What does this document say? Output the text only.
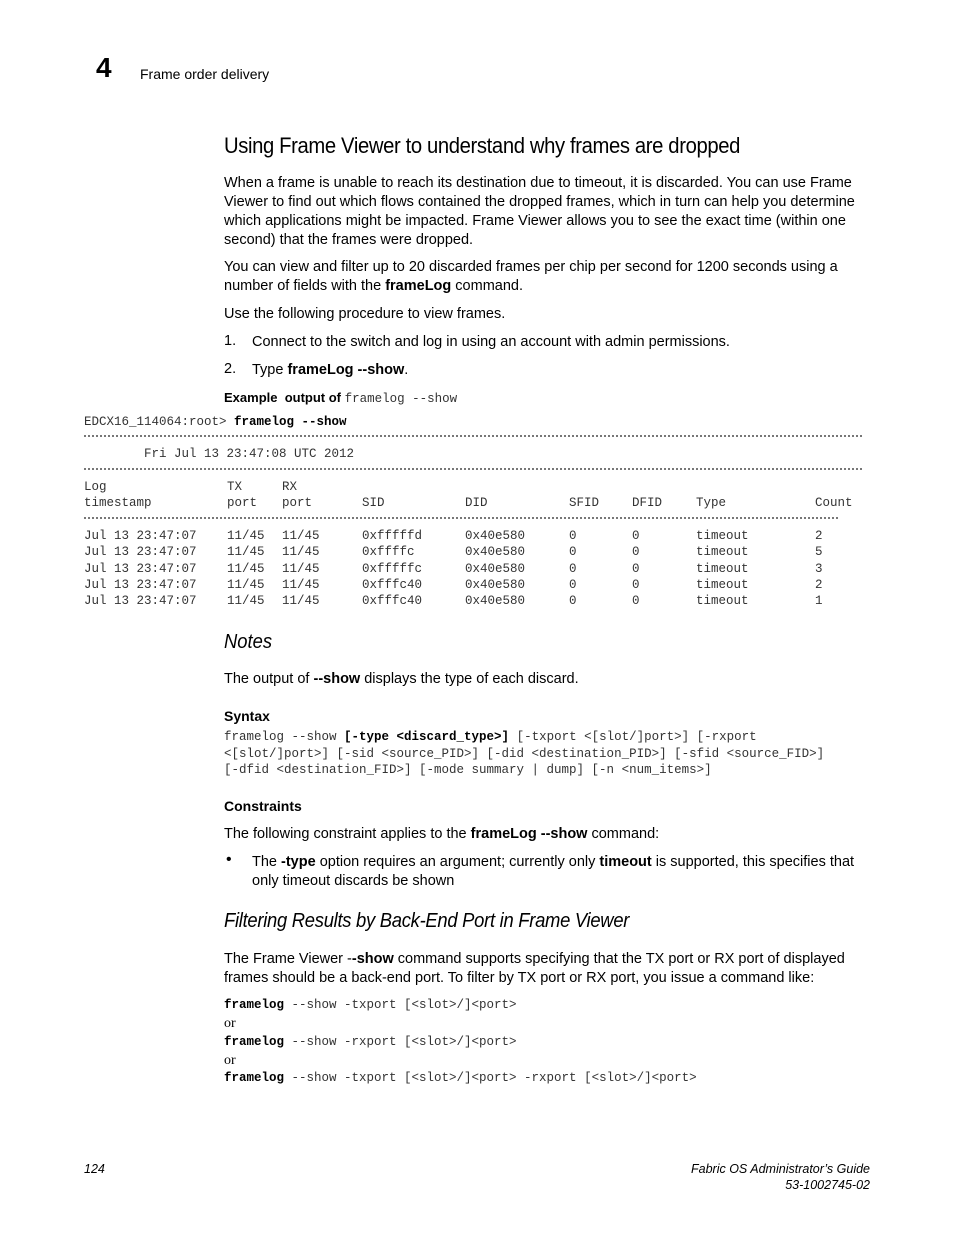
4 Frame order delivery
Using Frame Viewer to understand why frames are dropped
When a frame is unable to reach its destination due to timeout, it is discarded. You can use Frame Viewer to find out which flows contained the dropped frames, which in turn can help you determine which applications might be impacted. Frame Viewer allows you to see the exact time (within one second) that the frames were dropped.
You can view and filter up to 20 discarded frames per chip per second for 1200 seconds using a number of fields with the frameLog command.
Use the following procedure to view frames.
1. Connect to the switch and log in using an account with admin permissions.
2. Type frameLog --show.
Example  output of framelog --show
EDCX16_114064:root> framelog --show
Fri Jul 13 23:47:08 UTC 2012
Log	TX	RX						
timestamp	port	port	SID	DID	SFID	DFID	Type	Count
Jul 13 23:47:07	11/45	11/45	0xfffffd	0x40e580	0	0	timeout	2
Jul 13 23:47:07	11/45	11/45	0xffffc	0x40e580	0	0	timeout	5
Jul 13 23:47:07	11/45	11/45	0xfffffc	0x40e580	0	0	timeout	3
Jul 13 23:47:07	11/45	11/45	0xfffc40	0x40e580	0	0	timeout	2
Jul 13 23:47:07	11/45	11/45	0xfffc40	0x40e580	0	0	timeout	1
Notes
The output of --show displays the type of each discard.
Syntax
framelog --show [-type <discard_type>] [-txport <[slot/]port>] [-rxport
<[slot/]port>] [-sid <source_PID>] [-did <destination_PID>] [-sfid <source_FID>]
[-dfid <destination_FID>] [-mode summary | dump] [-n <num_items>]
Constraints
The following constraint applies to the frameLog --show command:
• The -type option requires an argument; currently only timeout is supported, this specifies that only timeout discards be shown
Filtering Results by Back-End Port in Frame Viewer
The Frame Viewer --show command supports specifying that the TX port or RX port of displayed frames should be a back-end port. To filter by TX port or RX port, you issue a command like:
framelog --show -txport [<slot>/]<port>
or
framelog --show -rxport [<slot>/]<port>
or
framelog --show -txport [<slot>/]<port> -rxport [<slot>/]<port>
124	Fabric OS Administrator’s Guide
53-1002745-02
